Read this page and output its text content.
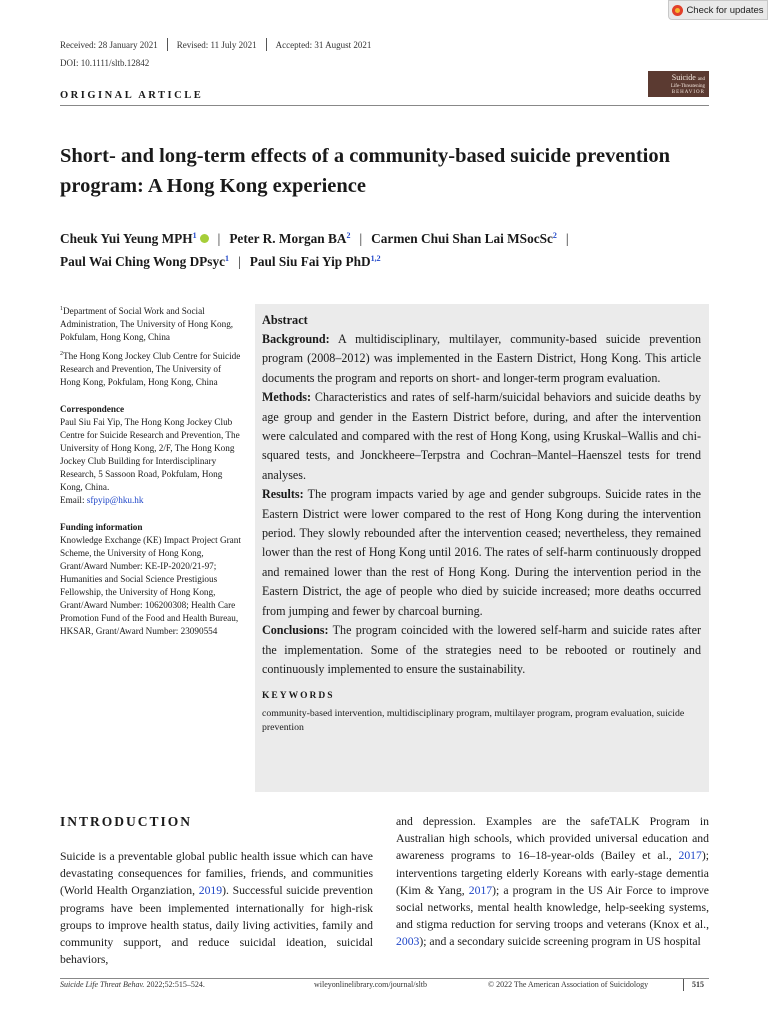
Check for updates
Received: 28 January 2021 Revised: 11 July 2021 Accepted: 31 August 2021
DOI: 10.1111/sltb.12842
Suicide and
Life-Threatening
BEHAVIOR
ORIGINAL ARTICLE
Short- and long-term effects of a community-based suicide prevention program: A Hong Kong experience
Cheuk Yui Yeung MPH$^1$ | Peter R. Morgan $BA^2$ | Carmen Chui Shan Lai MSocSc$^2$ |
Paul Wai Ching Wong DPsyc$^1$ | Paul Siu Fai Yip PhD$^{1,2}$

$^1$Department of Social Work and Social Administration, The University of Hong Kong, Pokfulam, Hong Kong, China

$^2$The Hong Kong Jockey Club Centre for Suicide Research and Prevention, The University of Hong Kong, Pokfulam, Hong Kong, China

Correspondence

Paul Siu Fai Yip, The Hong Kong Jockey Club Centre for Suicide Research and Prevention, The University of Hong Kong, 2/F, The Hong Kong Jockey Club Building for Interdisciplinary Research, 5 Sassoon Road, Pokfulam, Hong Kong, China.

Email: sfpyip@hku.hk

Funding information

Knowledge Exchange (KE) Impact Project Grant Scheme, the University of Hong Kong, Grant/Award Number: KE-IP-2020/21-97; Humanities and Social Science Prestigious Fellowship, the University of Hong Kong, Grant/Award Number: 106200308; Health Care Promotion Fund of the Food and Health Bureau, HKSAR, Grant/Award Number: 23090554

Abstract

Background: A multidisciplinary, multilayer, community-based suicide prevention program (2008–2012) was implemented in the Eastern District, Hong Kong. This article documents the program and reports on short- and longer-term program evaluation.

Methods: Characteristics and rates of self-harm/suicidal behaviors and suicide deaths by age group and gender in the Eastern District before, during, and after the intervention were calculated and compared with the rest of Hong Kong, using Kruskal–Wallis and chi-squared tests, and Jonckheere–Terpstra and Cochran–Mantel–Haenszel tests for trend analyses.

Results: The program impacts varied by age and gender subgroups. Suicide rates in the Eastern District were lower compared to the rest of Hong Kong during the intervention period. They slowly rebounded after the intervention ceased; nevertheless, they remained lower than the rest of Hong Kong until 2016. The rates of self-harm continuously dropped and remained lower than the rest of Hong Kong. During the intervention period in the Eastern District, the age of people who died by suicide increased; more deaths occurred from jumping and fewer by charcoal burning.

Conclusions: The program coincided with the lowered self-harm and suicide rates after the implementation. Some of the strategies need to be rebooted or routinely and continuously implemented to ensure the sustainability.

KEYWORDS
community-based intervention, multidisciplinary program, multilayer program, program evaluation, suicide prevention
INTRODUCTION

Suicide is a preventable global public health issue which can have devastating consequences for families, friends, and communities (World Health Organziation, 2019). Successful suicide prevention programs have been implemented internationally for high-risk groups to improve health status, daily living activities, family and community support, and reduce suicidal ideation, suicidal behaviors,

and depression. Examples are the safeTALK Program in Australian high schools, which provided universal education and awareness programs to 16–18-year-olds (Bailey et al., 2017); interventions targeting elderly Koreans with early-stage dementia (Kim & Yang, 2017); a program in the US Air Force to improve social networks, mental health knowledge, help-seeking systems, and stigma reduction for serving troops and veterans (Knox et al., 2003); and a secondary suicide screening program in US hospital

Suicide Life Threat Behav. 2022;52:515–524.	wileyonlinelibrary.com/journal/sltb	© 2022 The American Association of Suicidology	515
